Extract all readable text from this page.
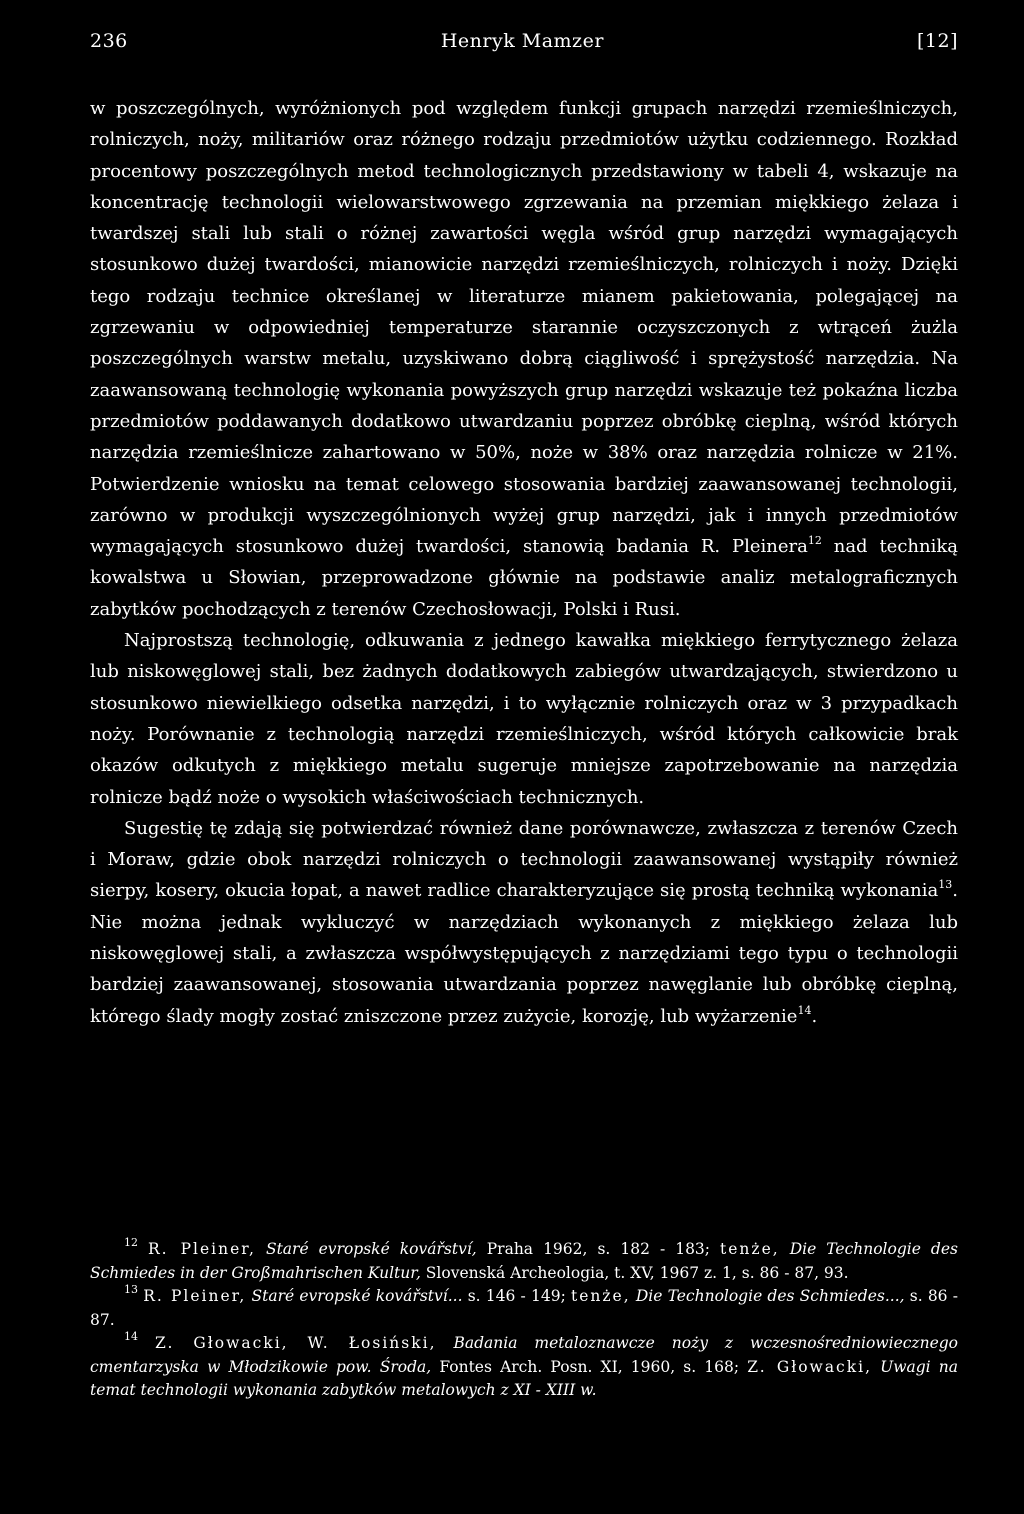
236	Henryk Mamzer	[12]

w poszczególnych, wyróżnionych pod względem funkcji grupach narzędzi rzemieślniczych, rolniczych, noży, militariów oraz różnego rodzaju przedmiotów użytku codziennego. Rozkład procentowy poszczególnych metod technologicznych przedstawiony w tabeli 4, wskazuje na koncentrację technologii wielowarstwowego zgrzewania na przemian miękkiego żelaza i twardszej stali lub stali o różnej zawartości węgla wśród grup narzędzi wymagających stosunkowo dużej twardości, mianowicie narzędzi rzemieślniczych, rolniczych i noży. Dzięki tego rodzaju technice określanej w literaturze mianem pakietowania, polegającej na zgrzewaniu w odpowiedniej temperaturze starannie oczyszczonych z wtrąceń żużla poszczególnych warstw metalu, uzyskiwano dobrą ciągliwość i sprężystość narzędzia. Na zaawansowaną technologię wykonania powyższych grup narzędzi wskazuje też pokaźna liczba przedmiotów poddawanych dodatkowo utwardzaniu poprzez obróbkę cieplną, wśród których narzędzia rzemieślnicze zahartowano w 50%, noże w 38% oraz narzędzia rolnicze w 21%. Potwierdzenie wniosku na temat celowego stosowania bardziej zaawansowanej technologii, zarówno w produkcji wyszczególnionych wyżej grup narzędzi, jak i innych przedmiotów wymagających stosunkowo dużej twardości, stanowią badania R. Pleinera$^{12}$ nad techniką kowalstwa u Słowian, przeprowadzone głównie na podstawie analiz metalograficznych zabytków pochodzących z terenów Czechosłowacji, Polski i Rusi.

Najprostszą technologię, odkuwania z jednego kawałka miękkiego ferrytycznego żelaza lub niskowęglowej stali, bez żadnych dodatkowych zabiegów utwardzających, stwierdzono u stosunkowo niewielkiego odsetka narzędzi, i to wyłącznie rolniczych oraz w 3 przypadkach noży. Porównanie z technologią narzędzi rzemieślniczych, wśród których całkowicie brak okazów odkutych z miękkiego metalu sugeruje mniejsze zapotrzebowanie na narzędzia rolnicze bądź noże o wysokich właściwościach technicznych.

Sugestię tę zdają się potwierdzać również dane porównawcze, zwłaszcza z terenów Czech i Moraw, gdzie obok narzędzi rolniczych o technologii zaawansowanej wystąpiły również sierpy, kosery, okucia łopat, a nawet radlice charakteryzujące się prostą techniką wykonania$^{13}$. Nie można jednak wykluczyć w narzędziach wykonanych z miękkiego żelaza lub niskowęglowej stali, a zwłaszcza współwystępujących z narzędziami tego typu o technologii bardziej zaawansowanej, stosowania utwardzania poprzez nawęglanie lub obróbkę cieplną, którego ślady mogły zostać zniszczone przez zużycie, korozję, lub wyżarzenie$^{14}$.

$^{12}$ R. Pleiner, Staré evropské kovářství, Praha 1962, s. 182 - 183; tenże, Die Technologie des Schmiedes in der Großmahrischen Kultur, Slovenská Archeologia, t. XV, 1967 z. 1, s. 86 - 87, 93.

$^{13}$ R. Pleiner, Staré evropské kovářství... s. 146 - 149; tenże, Die Technologie des Schmiedes..., s. 86 - 87.

$^{14}$ Z. Głowacki, W. Łosiński, Badania metaloznawcze noży z wczesnośredniowiecznego cmentarzyska w Młodzikowie pow. Środa, Fontes Arch. Posn. XI, 1960, s. 168; Z. Głowacki, Uwagi na temat technologii wykonania zabytków metalowych z XI - XIII w.
